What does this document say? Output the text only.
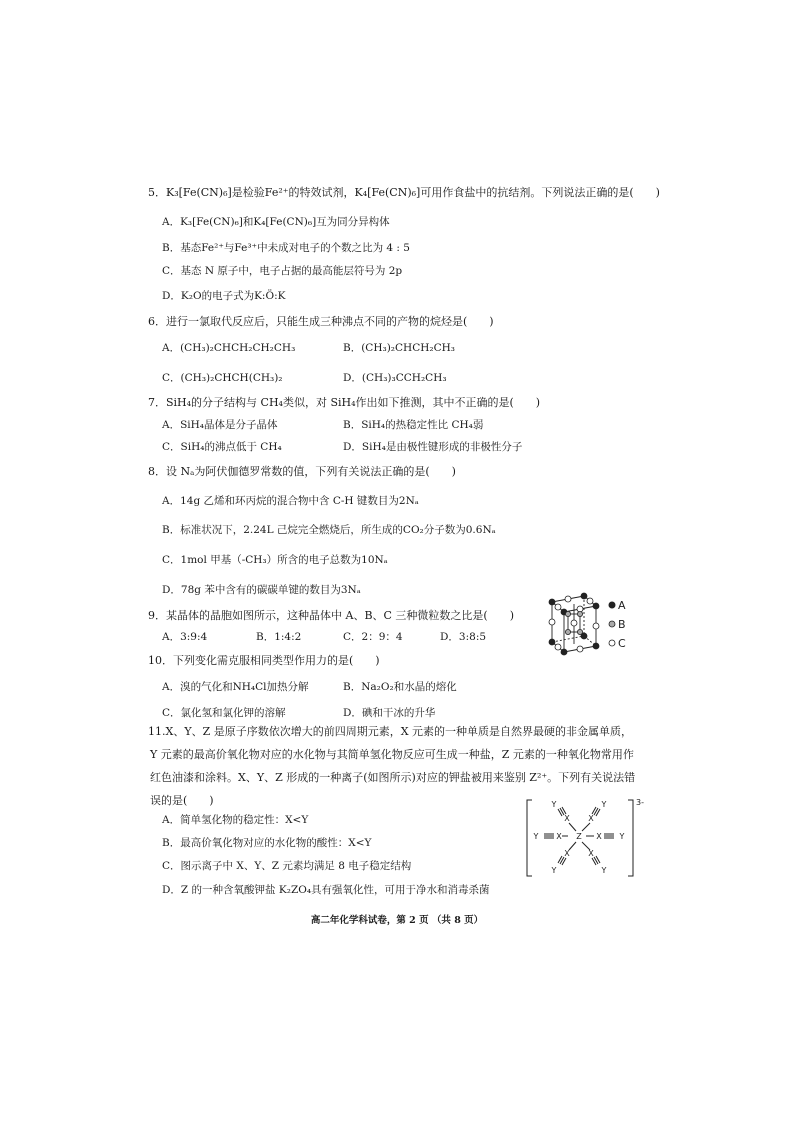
5．K₃[Fe(CN)₆]是检验Fe²⁺的特效试剂，K₄[Fe(CN)₆]可用作食盐中的抗结剂。下列说法正确的是(　　)
A．K₃[Fe(CN)₆]和K₄[Fe(CN)₆]互为同分异构体
B．基态Fe²⁺与Fe³⁺中未成对电子的个数之比为 4 : 5
C．基态 N 原子中，电子占据的最高能层符号为 2p
D．K₂O的电子式为K:Ö:K
6．进行一氯取代反应后，只能生成三种沸点不同的产物的烷烃是(　　)
A．(CH₃)₂CHCH₂CH₂CH₃	B．(CH₃)₂CHCH₂CH₃
C．(CH₃)₂CHCH(CH₃)₂	D．(CH₃)₃CCH₂CH₃
7．SiH₄的分子结构与 CH₄类似，对 SiH₄作出如下推测，其中不正确的是(　　)
A．SiH₄晶体是分子晶体	B．SiH₄的热稳定性比 CH₄弱
C．SiH₄的沸点低于 CH₄	D．SiH₄是由极性键形成的非极性分子
8．设 Nₐ为阿伏伽德罗常数的值，下列有关说法正确的是(　　)
A．14g 乙烯和环丙烷的混合物中含 C-H 键数目为2Nₐ
B．标准状况下，2.24L 己烷完全燃烧后，所生成的CO₂分子数为0.6Nₐ
C．1mol 甲基（-CH₃）所含的电子总数为10Nₐ
D．78g 苯中含有的碳碳单键的数目为3Nₐ
9．某晶体的晶胞如图所示，这种晶体中 A、B、C 三种微粒数之比是(　　)
A．3:9:4	B．1:4:2	C．2：9：4	D．3:8:5
A
B
C
10．下列变化需克服相同类型作用力的是(　　)
A．溴的气化和NH₄Cl加热分解	B．Na₂O₂和水晶的熔化
C．氯化氢和氯化钾的溶解	D．碘和干冰的升华
11.X、Y、Z 是原子序数依次增大的前四周期元素，X 元素的一种单质是自然界最硬的非金属单质，
Y 元素的最高价氧化物对应的水化物与其简单氢化物反应可生成一种盐，Z 元素的一种氧化物常用作
红色油漆和涂料。X、Y、Z 形成的一种离子(如图所示)对应的钾盐被用来鉴别 Z²⁺。下列有关说法错
误的是(　　)
A．简单氢化物的稳定性：X<Y
B．最高价氧化物对应的水化物的酸性：X<Y
C．图示离子中 X、Y、Z 元素均满足 8 电子稳定结构
D．Z 的一种含氧酸钾盐 K₂ZO₄具有强氧化性，可用于净水和消毒杀菌
Z
X	X
X X
X X
Y	Y
Y	Y
Y	Y
3-
高二年化学科试卷，第 2 页 （共 8 页）
